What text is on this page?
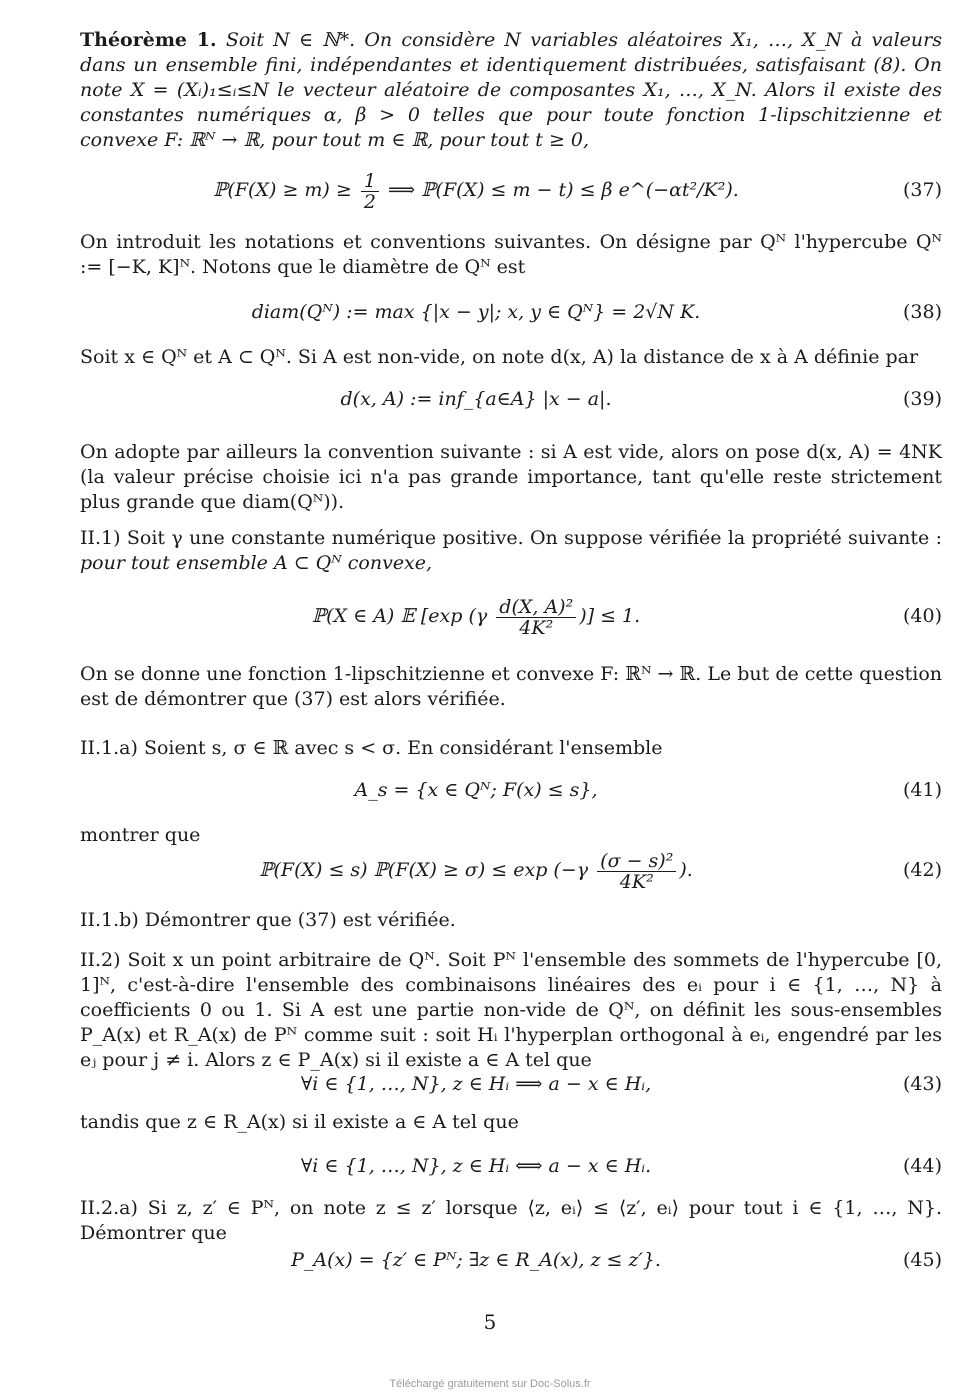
Théorème 1. Soit N ∈ ℕ*. On considère N variables aléatoires X₁, …, X_N à valeurs dans un ensemble fini, indépendantes et identiquement distribuées, satisfaisant (8). On note X = (Xᵢ)₁≤ᵢ≤N le vecteur aléatoire de composantes X₁, …, X_N. Alors il existe des constantes numériques α, β > 0 telles que pour toute fonction 1-lipschitzienne et convexe F: ℝᴺ → ℝ, pour tout m ∈ ℝ, pour tout t ≥ 0,

ℙ(F(X) ≥ $m) \ge \frac{1}{2}$ ⟹ ℙ(F(X) ≤ m − t) ≤ β e^(−αt²/K²).	(37)

On introduit les notations et conventions suivantes. On désigne par Qᴺ l'hypercube Qᴺ := [−K, K]ᴺ. Notons que le diamètre de Qᴺ est

diam(Qᴺ) := max {|x − y|; x, y ∈ Qᴺ} = 2√N K.	(38)

Soit x ∈ Qᴺ et A ⊂ Qᴺ. Si A est non-vide, on note d(x, A) la distance de x à A définie par

d(x, A) := inf_{a∈A} |x − a|.	(39)

On adopte par ailleurs la convention suivante : si A est vide, alors on pose d(x, A) = 4NK (la valeur précise choisie ici n'a pas grande importance, tant qu'elle reste strictement plus grande que diam(Qᴺ)).

II.1) Soit γ une constante numérique positive. On suppose vérifiée la propriété suivante : pour tout ensemble A ⊂ Qᴺ convexe,

ℙ(X ∈ A) 𝔼 [exp ($\gamma \frac{\text{d(X, A)²}}{\text{4K²}}$ )] ≤ 1.	(40)

On se donne une fonction 1-lipschitzienne et convexe F: ℝᴺ → ℝ. Le but de cette question est de démontrer que (37) est alors vérifiée.

II.1.a) Soient s, σ ∈ ℝ avec s < σ. En considérant l'ensemble

A_s = {x ∈ Qᴺ; F(x) ≤ s},	(41)

montrer que

ℙ(F(X) ≤ s) ℙ(F(X) ≥ $\sigma) \le \exp (-\gamma \frac{\text{(σ − s)²}}{\text{4K²}}$ ).	(42)

II.1.b) Démontrer que (37) est vérifiée.

II.2) Soit x un point arbitraire de Qᴺ. Soit Pᴺ l'ensemble des sommets de l'hypercube [0, 1]ᴺ, c'est-à-dire l'ensemble des combinaisons linéaires des eᵢ pour i ∈ {1, …, N} à coefficients 0 ou 1. Si A est une partie non-vide de Qᴺ, on définit les sous-ensembles P_A(x) et R_A(x) de Pᴺ comme suit : soit Hᵢ l'hyperplan orthogonal à eᵢ, engendré par les eⱼ pour j ≠ i. Alors z ∈ P_A(x) si il existe a ∈ A tel que

∀i ∈ {1, …, N}, z ∈ Hᵢ ⟹ a − x ∈ Hᵢ,	(43)

tandis que z ∈ R_A(x) si il existe a ∈ A tel que

∀i ∈ {1, …, N}, z ∈ Hᵢ ⟺ a − x ∈ Hᵢ.	(44)

II.2.a) Si z, z′ ∈ Pᴺ, on note z ≤ z′ lorsque ⟨z, eᵢ⟩ ≤ ⟨z′, eᵢ⟩ pour tout i ∈ {1, …, N}. Démontrer que

P_A(x) = {z′ ∈ Pᴺ; ∃z ∈ R_A(x), z ≤ z′}.	(45)
5
Téléchargé gratuitement sur Doc-Solus.fr
